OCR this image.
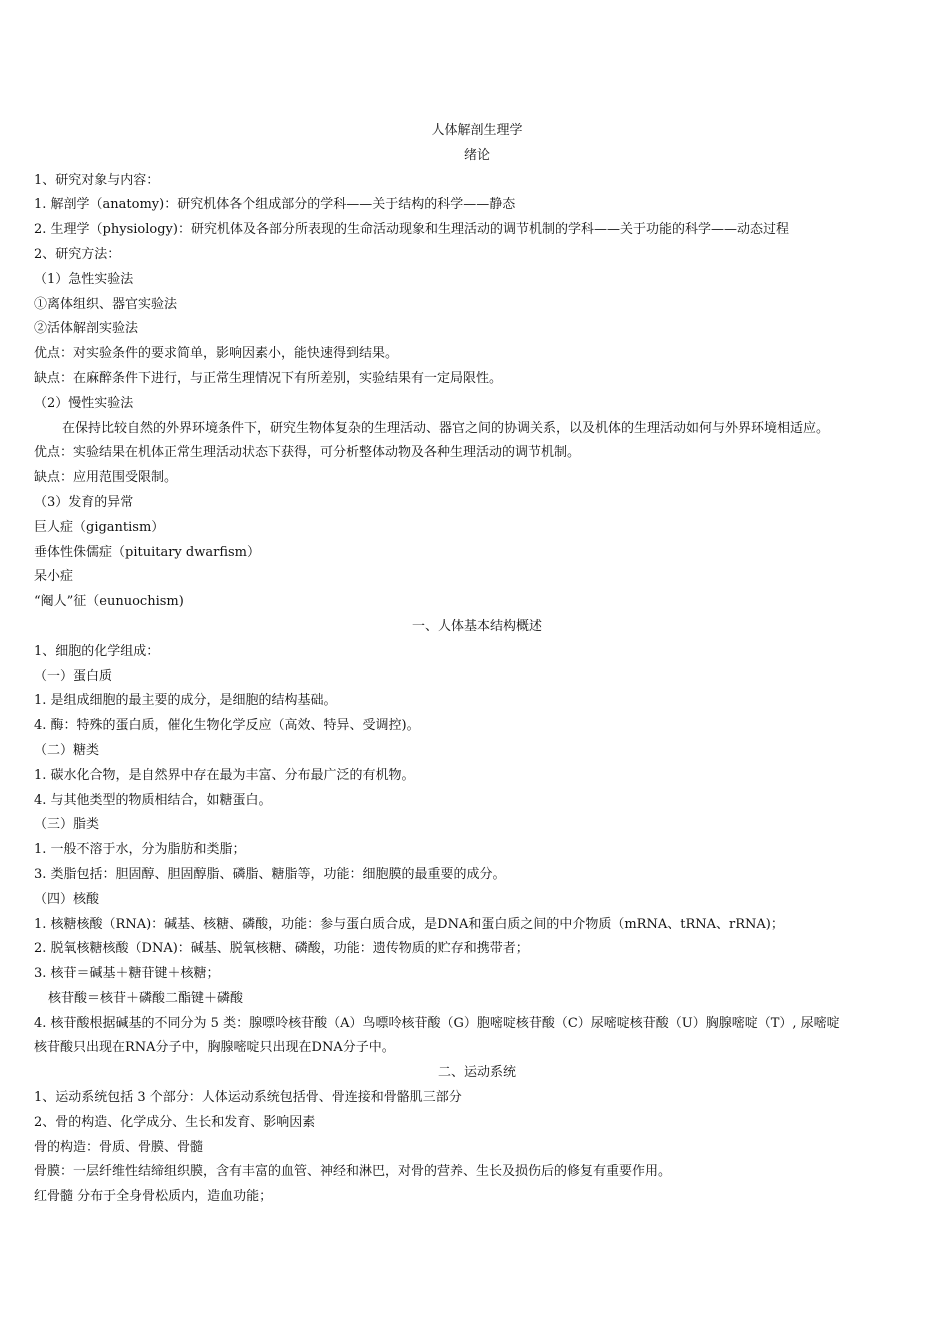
人体解剖生理学
绪论
1、研究对象与内容：
1. 解剖学（anatomy)：研究机体各个组成部分的学科——关于结构的科学——静态
2. 生理学（physiology)：研究机体及各部分所表现的生命活动现象和生理活动的调节机制的学科——关于功能的科学——动态过程
2、研究方法：
（1）急性实验法
①离体组织、器官实验法
②活体解剖实验法
优点：对实验条件的要求简单，影响因素小，能快速得到结果。
缺点：在麻醉条件下进行，与正常生理情况下有所差别，实验结果有一定局限性。
（2）慢性实验法
在保持比较自然的外界环境条件下，研究生物体复杂的生理活动、器官之间的协调关系，以及机体的生理活动如何与外界环境相适应。
优点：实验结果在机体正常生理活动状态下获得，可分析整体动物及各种生理活动的调节机制。
缺点：应用范围受限制。
（3）发育的异常
巨人症（gigantism）
垂体性侏儒症（pituitary dwarfism）
呆小症
“阉人”征（eunuochism)
一、人体基本结构概述
1、细胞的化学组成：
（一）蛋白质
1. 是组成细胞的最主要的成分，是细胞的结构基础。
4. 酶：特殊的蛋白质，催化生物化学反应（高效、特异、受调控)。
（二）糖类
1. 碳水化合物，是自然界中存在最为丰富、分布最广泛的有机物。
4. 与其他类型的物质相结合，如糖蛋白。
（三）脂类
1. 一般不溶于水，分为脂肪和类脂；
3. 类脂包括：胆固醇、胆固醇脂、磷脂、糖脂等，功能：细胞膜的最重要的成分。
（四）核酸
1. 核糖核酸（RNA)：碱基、核糖、磷酸，功能：参与蛋白质合成，是DNA和蛋白质之间的中介物质（mRNA、tRNA、rRNA)；
2. 脱氧核糖核酸（DNA)：碱基、脱氧核糖、磷酸，功能：遗传物质的贮存和携带者；
3. 核苷＝碱基＋糖苷键＋核糖；
核苷酸＝核苷＋磷酸二酯键＋磷酸
4. 核苷酸根据碱基的不同分为 5 类：腺嘌呤核苷酸（A）鸟嘌呤核苷酸（G）胞嘧啶核苷酸（C）尿嘧啶核苷酸（U）胸腺嘧啶（T）, 尿嘧啶
核苷酸只出现在RNA分子中，胸腺嘧啶只出现在DNA分子中。
二、运动系统
1、运动系统包括 3 个部分：人体运动系统包括骨、骨连接和骨骼肌三部分
2、骨的构造、化学成分、生长和发育、影响因素
骨的构造：骨质、骨膜、骨髓
骨膜：一层纤维性结缔组织膜，含有丰富的血管、神经和淋巴，对骨的营养、生长及损伤后的修复有重要作用。
红骨髓 分布于全身骨松质内，造血功能；
